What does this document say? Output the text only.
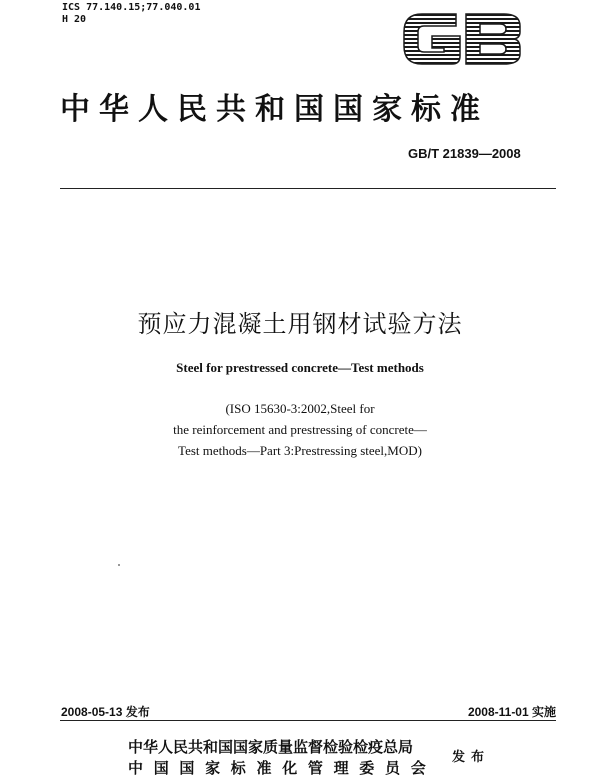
ICS 77.140.15;77.040.01
H 20
中华人民共和国国家标准
GB/T 21839—2008
预应力混凝土用钢材试验方法
Steel for prestressed concrete—Test methods
(ISO 15630-3:2002,Steel for
the reinforcement and prestressing of concrete—
Test methods—Part 3:Prestressing steel,MOD)
2008-05-13 发布	2008-11-01 实施
中华人民共和国国家质量监督检验检疫总局
中国国家标准化管理委员会
发布
